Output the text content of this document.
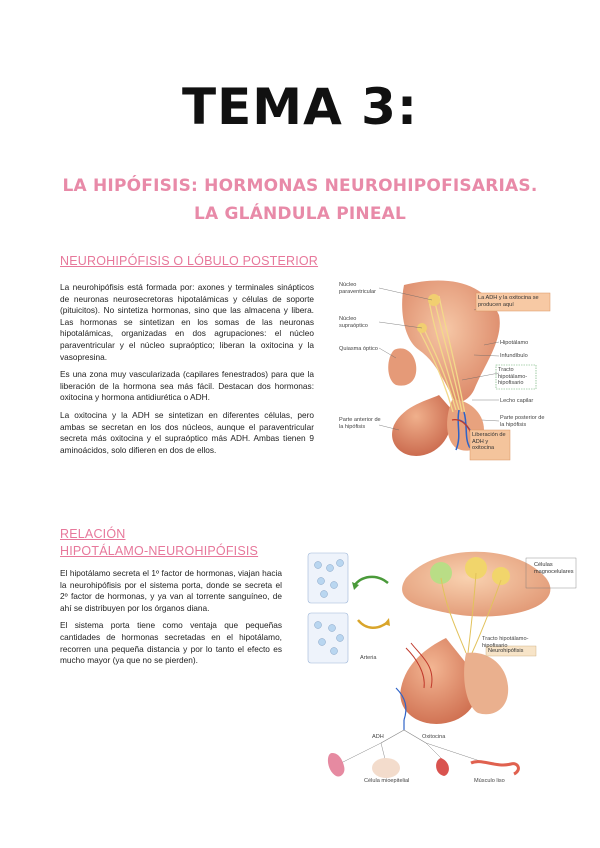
TEMA 3:
LA HIPÓFISIS: HORMONAS NEUROHIPOFISARIAS.
LA GLÁNDULA PINEAL
NEUROHIPÓFISIS O LÓBULO POSTERIOR

La neurohipófisis está formada por: axones y terminales sinápticos de neuronas neurosecretoras hipotalámicas y células de soporte (pituicitos). No sintetiza hormonas, sino que las almacena y libera. Las hormonas se sintetizan en los somas de las neuronas hipotalámicas, organizadas en dos agrupaciones: el núcleo paraventricular y el núcleo supraóptico; liberan la oxitocina y la vasopresina.

Es una zona muy vascularizada (capilares fenestrados) para que la liberación de la hormona sea más fácil. Destacan dos hormonas: oxitocina y hormona antidiurética o ADH.

La oxitocina y la ADH se sintetizan en diferentes células, pero ambas se secretan en los dos núcleos, aunque el paraventricular secreta más oxitocina y el supraóptico más ADH. Ambas tienen 9 aminoácidos, solo difieren en dos de ellos.

Núcleo paraventricular
Núcleo supraóptico
Quiasma óptico
Parte anterior de la hipófisis
La ADH y la oxitocina se producen aquí
Hipotálamo
Infundíbulo
Tracto hipotálamo-hipofisario
Lecho capilar
Parte posterior de la hipófisis
Liberación de ADH y oxitocina
RELACIÓN
HIPOTÁLAMO-NEUROHIPÓFISIS

El hipotálamo secreta el 1º factor de hormonas, viajan hacia la neurohipófisis por el sistema porta, donde se secreta el 2º factor de hormonas, y ya van al torrente sanguíneo, de ahí se distribuyen por los órganos diana.

El sistema porta tiene como ventaja que pequeñas cantidades de hormonas secretadas en el hipotálamo, recorren una pequeña distancia y por lo tanto el efecto es mucho mayor (ya que no se pierden).

Células magnocelulares
Tracto hipotálamo-hipofisario
Neurohipófisis
Arteria
ADH	Oxitocina
Célula mioepitelial	Músculo liso
